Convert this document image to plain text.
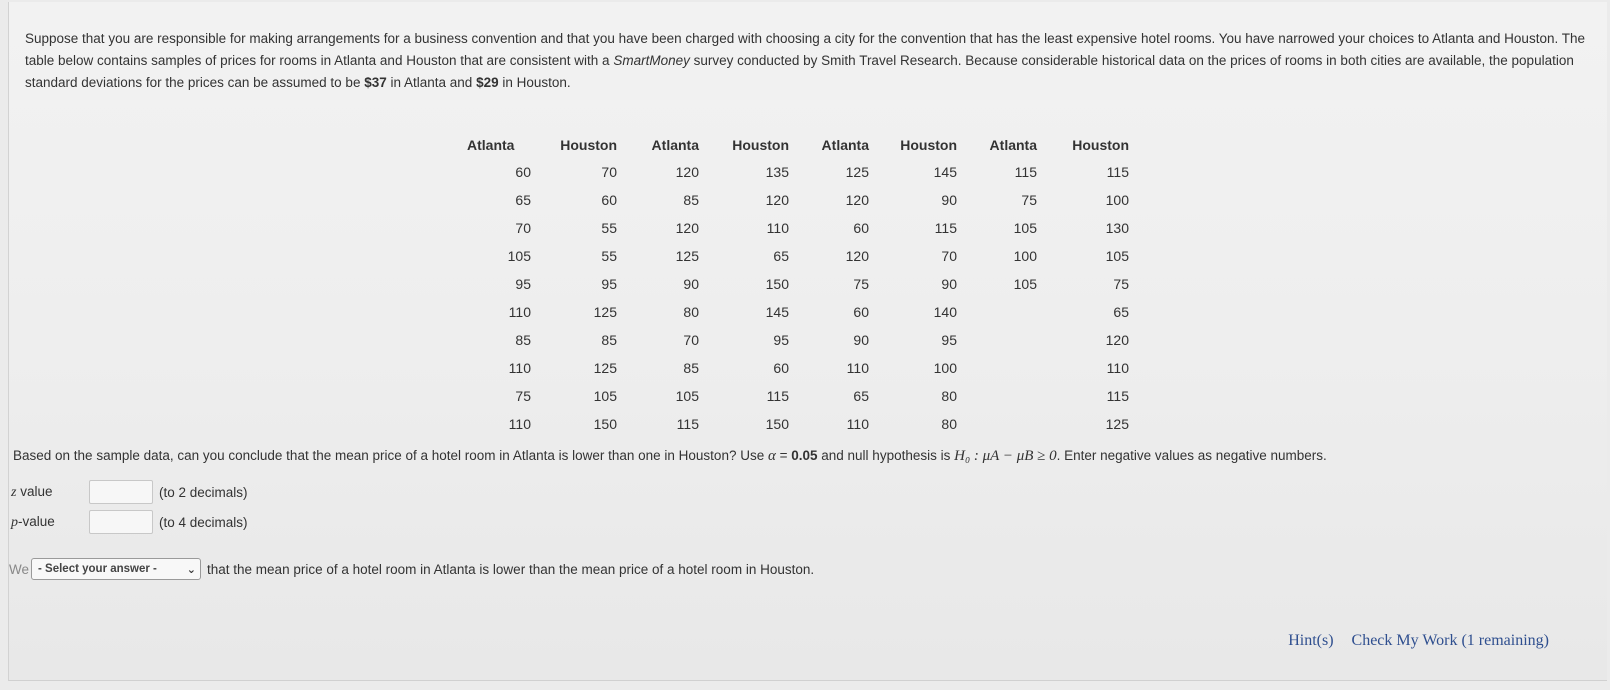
Suppose that you are responsible for making arrangements for a business convention and that you have been charged with choosing a city for the convention that has the least expensive hotel rooms. You have narrowed your choices to Atlanta and Houston. The table below contains samples of prices for rooms in Atlanta and Houston that are consistent with a SmartMoney survey conducted by Smith Travel Research. Because considerable historical data on the prices of rooms in both cities are available, the population standard deviations for the prices can be assumed to be $37 in Atlanta and $29 in Houston.
Atlanta	Houston	Atlanta	Houston	Atlanta	Houston	Atlanta	Houston
60	70	120	135	125	145	115	115
65	60	85	120	120	90	75	100
70	55	120	110	60	115	105	130
105	55	125	65	120	70	100	105
95	95	90	150	75	90	105	75
110	125	80	145	60	140		65
85	85	70	95	90	95		120
110	125	85	60	110	100		110
75	105	105	115	65	80		115
110	150	115	150	110	80		125
Based on the sample data, can you conclude that the mean price of a hotel room in Atlanta is lower than one in Houston? Use α = 0.05 and null hypothesis is H₀ : μA − μB ≥ 0. Enter negative values as negative numbers.
z value	(to 2 decimals)
p-value	(to 4 decimals)
We - Select your answer -	⌄ that the mean price of a hotel room in Atlanta is lower than the mean price of a hotel room in Houston.
Hint(s) Check My Work (1 remaining)
